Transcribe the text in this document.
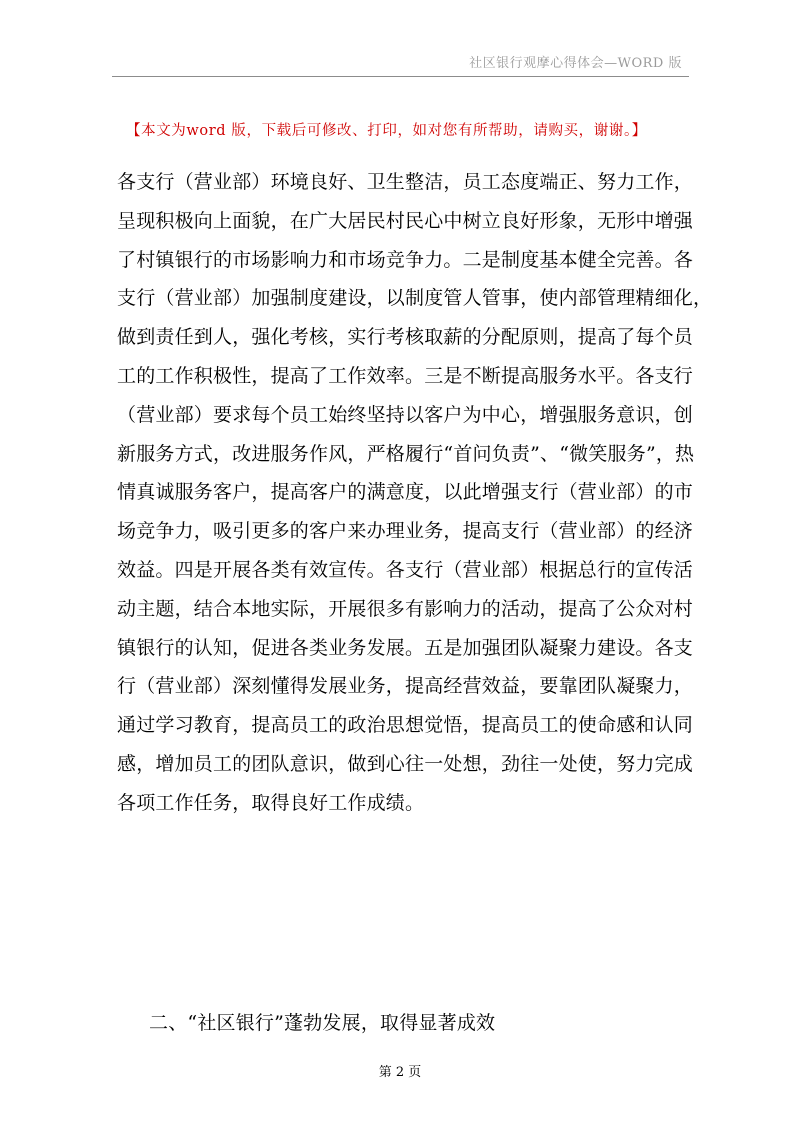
社区银行观摩心得体会—WORD 版
【本文为word 版，下载后可修改、打印，如对您有所帮助，请购买，谢谢。】
各支行（营业部）环境良好、卫生整洁，员工态度端正、努力工作，
呈现积极向上面貌，在广大居民村民心中树立良好形象，无形中增强
了村镇银行的市场影响力和市场竞争力。二是制度基本健全完善。各
支行（营业部）加强制度建设，以制度管人管事，使内部管理精细化，
做到责任到人，强化考核，实行考核取薪的分配原则，提高了每个员
工的工作积极性，提高了工作效率。三是不断提高服务水平。各支行
（营业部）要求每个员工始终坚持以客户为中心，增强服务意识，创
新服务方式，改进服务作风，严格履行“首问负责”、“微笑服务”，热
情真诚服务客户，提高客户的满意度，以此增强支行（营业部）的市
场竞争力，吸引更多的客户来办理业务，提高支行（营业部）的经济
效益。四是开展各类有效宣传。各支行（营业部）根据总行的宣传活
动主题，结合本地实际，开展很多有影响力的活动，提高了公众对村
镇银行的认知，促进各类业务发展。五是加强团队凝聚力建设。各支
行（营业部）深刻懂得发展业务，提高经营效益，要靠团队凝聚力，
通过学习教育，提高员工的政治思想觉悟，提高员工的使命感和认同
感，增加员工的团队意识，做到心往一处想，劲往一处使，努力完成
各项工作任务，取得良好工作成绩。
二、“社区银行”蓬勃发展，取得显著成效
第 2 页
